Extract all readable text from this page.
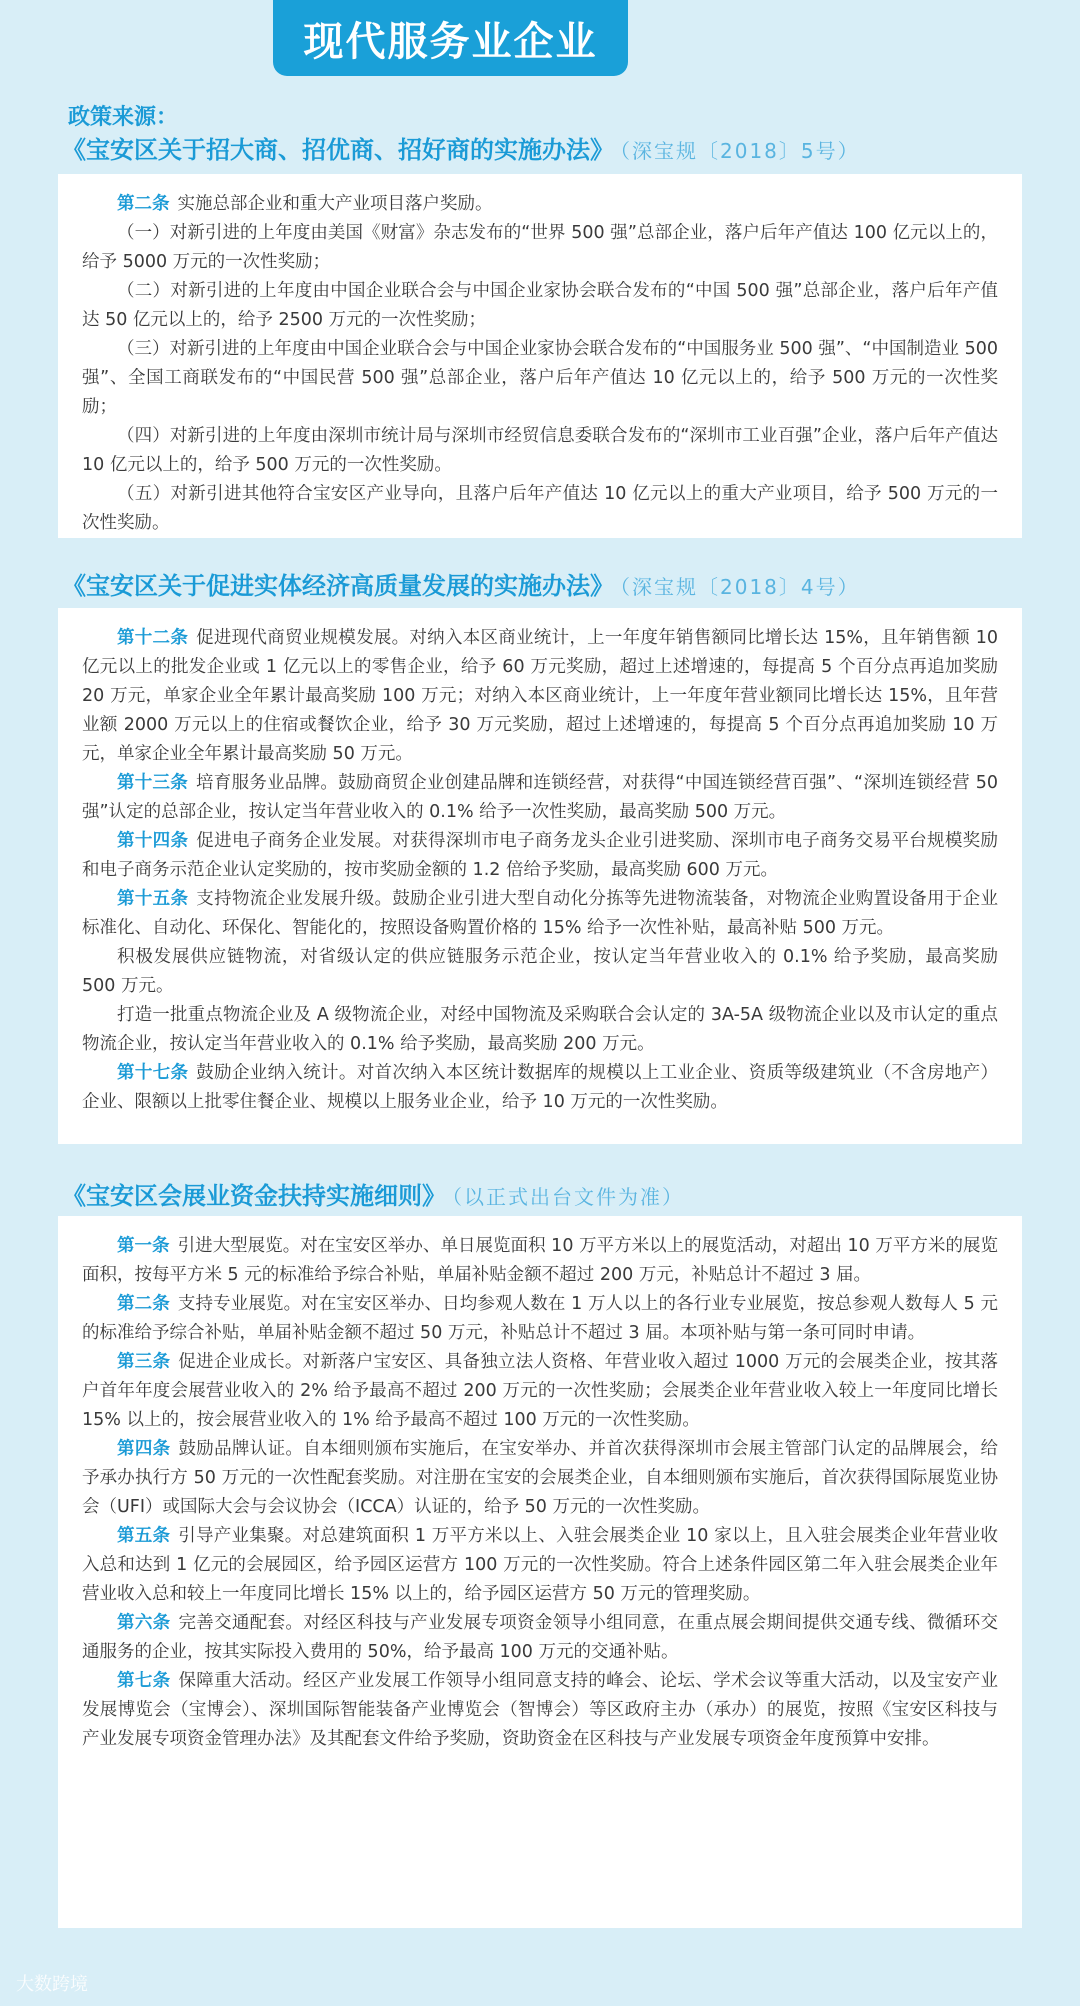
现代服务业企业
政策来源：
《宝安区关于招大商、招优商、招好商的实施办法》 （深宝规〔2018〕5号）

第二条 实施总部企业和重大产业项目落户奖励。

（一）对新引进的上年度由美国《财富》杂志发布的“世界 500 强”总部企业，落户后年产值达 100 亿元以上的，给予 5000 万元的一次性奖励；

（二）对新引进的上年度由中国企业联合会与中国企业家协会联合发布的“中国 500 强”总部企业，落户后年产值达 50 亿元以上的，给予 2500 万元的一次性奖励；

（三）对新引进的上年度由中国企业联合会与中国企业家协会联合发布的“中国服务业 500 强”、“中国制造业 500 强”、全国工商联发布的“中国民营 500 强”总部企业，落户后年产值达 10 亿元以上的，给予 500 万元的一次性奖励；

（四）对新引进的上年度由深圳市统计局与深圳市经贸信息委联合发布的“深圳市工业百强”企业，落户后年产值达 10 亿元以上的，给予 500 万元的一次性奖励。

（五）对新引进其他符合宝安区产业导向，且落户后年产值达 10 亿元以上的重大产业项目，给予 500 万元的一次性奖励。

《宝安区关于促进实体经济高质量发展的实施办法》 （深宝规〔2018〕4号）

第十二条 促进现代商贸业规模发展。对纳入本区商业统计，上一年度年销售额同比增长达 15%，且年销售额 10 亿元以上的批发企业或 1 亿元以上的零售企业，给予 60 万元奖励，超过上述增速的，每提高 5 个百分点再追加奖励 20 万元，单家企业全年累计最高奖励 100 万元；对纳入本区商业统计，上一年度年营业额同比增长达 15%，且年营业额 2000 万元以上的住宿或餐饮企业，给予 30 万元奖励，超过上述增速的，每提高 5 个百分点再追加奖励 10 万元，单家企业全年累计最高奖励 50 万元。

第十三条 培育服务业品牌。鼓励商贸企业创建品牌和连锁经营，对获得“中国连锁经营百强”、“深圳连锁经营 50 强”认定的总部企业，按认定当年营业收入的 0.1% 给予一次性奖励，最高奖励 500 万元。

第十四条 促进电子商务企业发展。对获得深圳市电子商务龙头企业引进奖励、深圳市电子商务交易平台规模奖励和电子商务示范企业认定奖励的，按市奖励金额的 1.2 倍给予奖励，最高奖励 600 万元。

第十五条 支持物流企业发展升级。鼓励企业引进大型自动化分拣等先进物流装备，对物流企业购置设备用于企业标准化、自动化、环保化、智能化的，按照设备购置价格的 15% 给予一次性补贴，最高补贴 500 万元。

积极发展供应链物流，对省级认定的供应链服务示范企业，按认定当年营业收入的 0.1% 给予奖励，最高奖励 500 万元。

打造一批重点物流企业及 A 级物流企业，对经中国物流及采购联合会认定的 3A-5A 级物流企业以及市认定的重点物流企业，按认定当年营业收入的 0.1% 给予奖励，最高奖励 200 万元。

第十七条 鼓励企业纳入统计。对首次纳入本区统计数据库的规模以上工业企业、资质等级建筑业（不含房地产）企业、限额以上批零住餐企业、规模以上服务业企业，给予 10 万元的一次性奖励。

《宝安区会展业资金扶持实施细则》 （以正式出台文件为准）

第一条 引进大型展览。对在宝安区举办、单日展览面积 10 万平方米以上的展览活动，对超出 10 万平方米的展览面积，按每平方米 5 元的标准给予综合补贴，单届补贴金额不超过 200 万元，补贴总计不超过 3 届。

第二条 支持专业展览。对在宝安区举办、日均参观人数在 1 万人以上的各行业专业展览，按总参观人数每人 5 元的标准给予综合补贴，单届补贴金额不超过 50 万元，补贴总计不超过 3 届。本项补贴与第一条可同时申请。

第三条 促进企业成长。对新落户宝安区、具备独立法人资格、年营业收入超过 1000 万元的会展类企业，按其落户首年年度会展营业收入的 2% 给予最高不超过 200 万元的一次性奖励；会展类企业年营业收入较上一年度同比增长 15% 以上的，按会展营业收入的 1% 给予最高不超过 100 万元的一次性奖励。

第四条 鼓励品牌认证。自本细则颁布实施后，在宝安举办、并首次获得深圳市会展主管部门认定的品牌展会，给予承办执行方 50 万元的一次性配套奖励。对注册在宝安的会展类企业，自本细则颁布实施后，首次获得国际展览业协会（UFI）或国际大会与会议协会（ICCA）认证的，给予 50 万元的一次性奖励。

第五条 引导产业集聚。对总建筑面积 1 万平方米以上、入驻会展类企业 10 家以上，且入驻会展类企业年营业收入总和达到 1 亿元的会展园区，给予园区运营方 100 万元的一次性奖励。符合上述条件园区第二年入驻会展类企业年营业收入总和较上一年度同比增长 15% 以上的，给予园区运营方 50 万元的管理奖励。

第六条 完善交通配套。对经区科技与产业发展专项资金领导小组同意，在重点展会期间提供交通专线、微循环交通服务的企业，按其实际投入费用的 50%，给予最高 100 万元的交通补贴。

第七条 保障重大活动。经区产业发展工作领导小组同意支持的峰会、论坛、学术会议等重大活动，以及宝安产业发展博览会（宝博会）、深圳国际智能装备产业博览会（智博会）等区政府主办（承办）的展览，按照《宝安区科技与产业发展专项资金管理办法》及其配套文件给予奖励，资助资金在区科技与产业发展专项资金年度预算中安排。

大数跨境
